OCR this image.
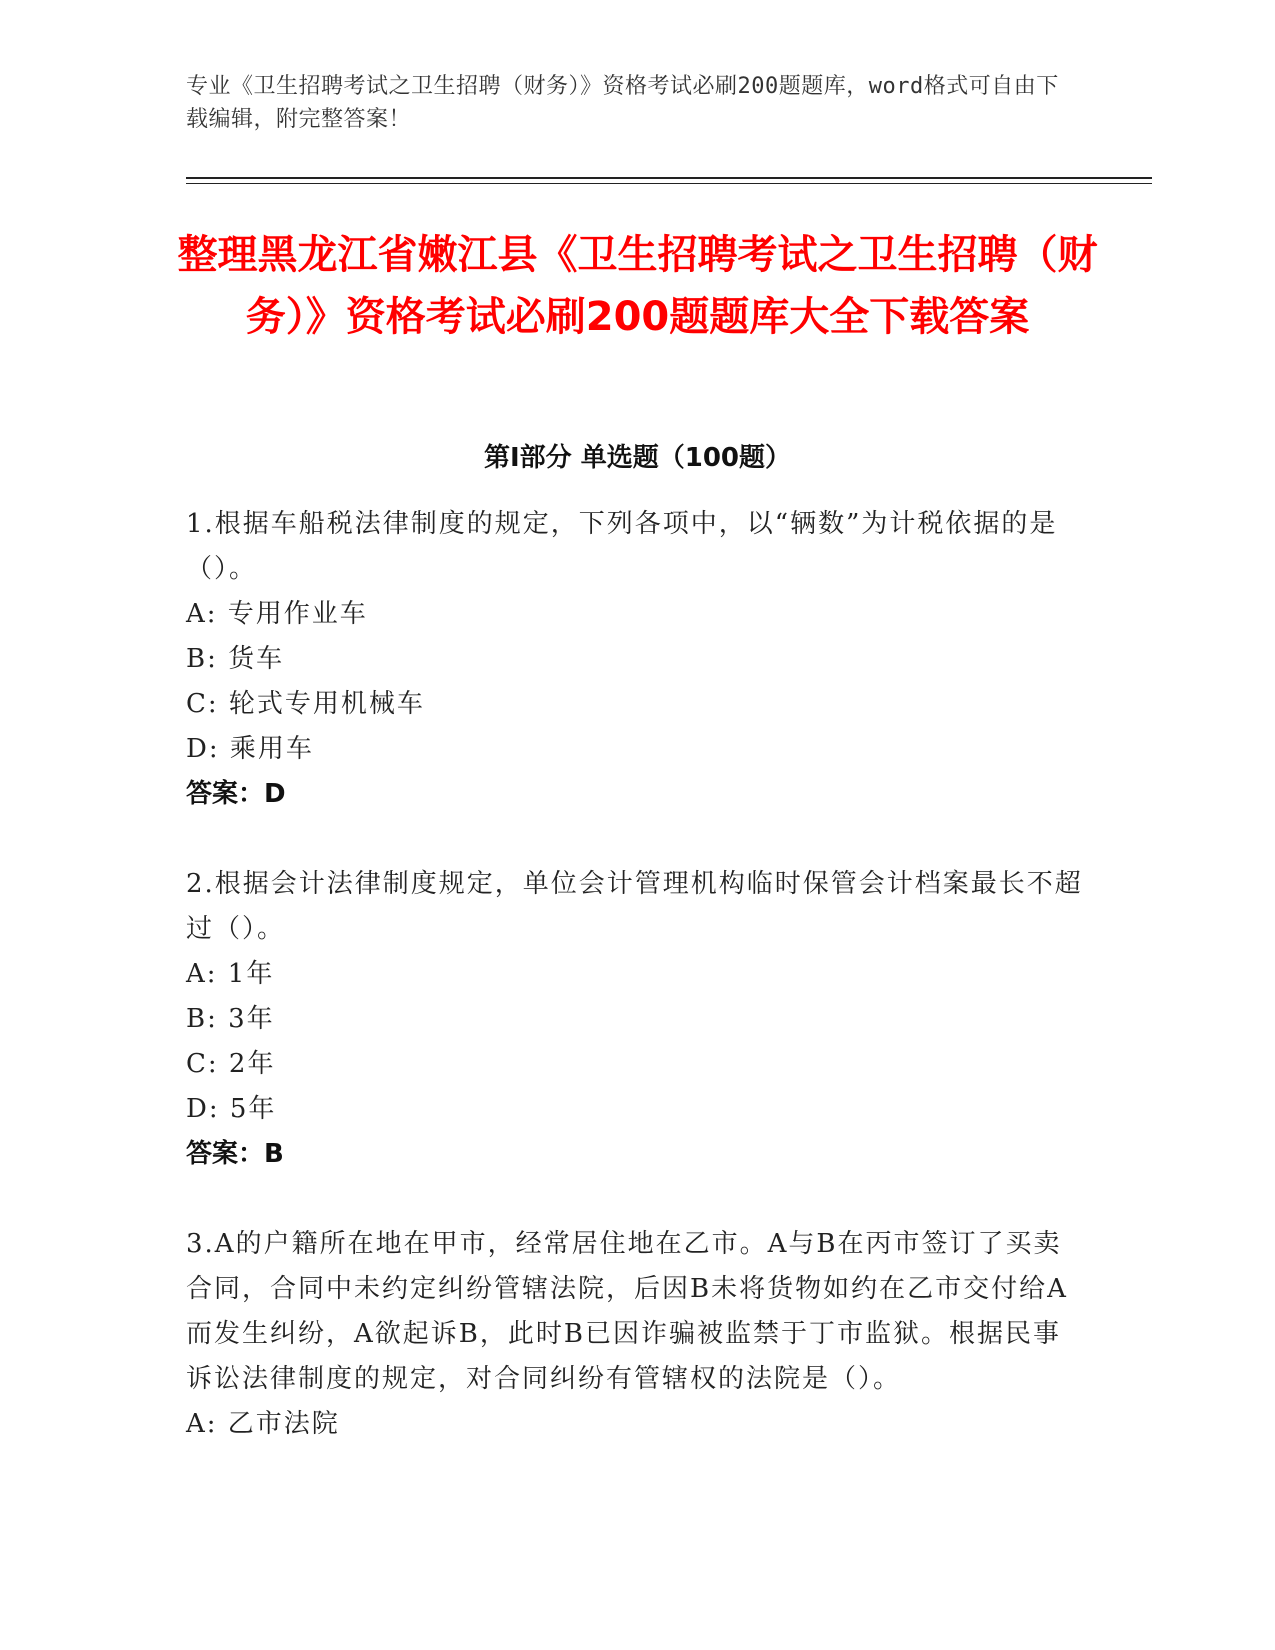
专业《卫生招聘考试之卫生招聘（财务）》资格考试必刷200题题库，word格式可自由下载编辑，附完整答案！
整理黑龙江省嫩江县《卫生招聘考试之卫生招聘（财务）》资格考试必刷200题题库大全下载答案
第I部分 单选题（100题）
1.根据车船税法律制度的规定，下列各项中，以“辆数”为计税依据的是（）。
A: 专用作业车
B: 货车
C: 轮式专用机械车
D: 乘用车
答案：D
2.根据会计法律制度规定，单位会计管理机构临时保管会计档案最长不超过（）。
A: 1年
B: 3年
C: 2年
D: 5年
答案：B
3.A的户籍所在地在甲市，经常居住地在乙市。A与B在丙市签订了买卖合同，合同中未约定纠纷管辖法院，后因B未将货物如约在乙市交付给A而发生纠纷，A欲起诉B，此时B已因诈骗被监禁于丁市监狱。根据民事诉讼法律制度的规定，对合同纠纷有管辖权的法院是（）。
A: 乙市法院
